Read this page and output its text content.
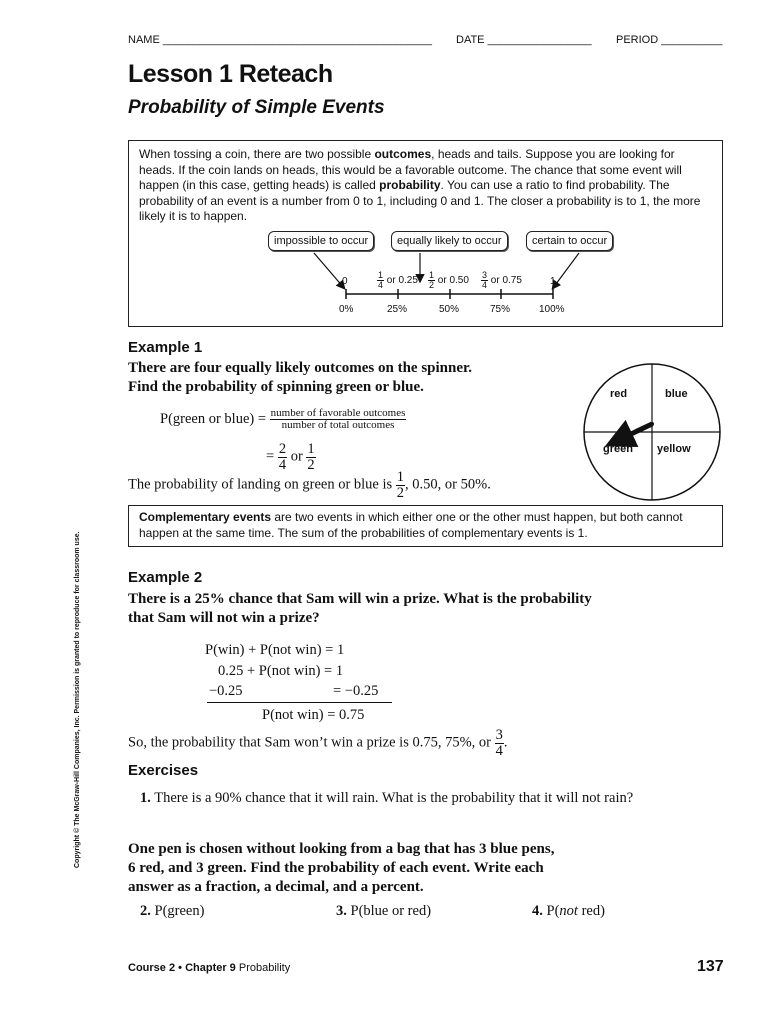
NAME ____________________________________________ DATE _________________ PERIOD __________
Lesson 1 Reteach
Probability of Simple Events
When tossing a coin, there are two possible outcomes, heads and tails. Suppose you are looking for heads. If the coin lands on heads, this would be a favorable outcome. The chance that some event will happen (in this case, getting heads) is called probability. You can use a ratio to find probability. The probability of an event is a number from 0 to 1, including 0 and 1. The closer a probability is to 1, the more likely it is to happen.
impossible to occur	equally likely to occur	certain to occur
0	$\frac{1}{4}$ or $0.25 \frac{1}{2}$ or $0.50 \frac{3}{4}$ or 0.75	1
0%	25%	50%	75%	100%
Example 1
There are four equally likely outcomes on the spinner.
Find the probability of spinning green or blue.
P(green or blue) = $\frac{\text{number of favorable outcomes}}{\text{number of total outcomes}}$
= $\frac{2}{4}$ or $\frac{1}{2}$
The probability of landing on green or blue is $\frac{1}{2}$ , 0.50, or 50%.
red	blue
green yellow
Complementary events are two events in which either one or the other must happen, but both cannot happen at the same time. The sum of the probabilities of complementary events is 1.
Example 2
There is a 25% chance that Sam will win a prize. What is the probability
that Sam will not win a prize?
P(win) + P(not win) = 1
0.25 + P(not win) = 1
−0.25	= −0.25
P(not win) = 0.75
So, the probability that Sam won’t win a prize is 0.75, 75%, or $\frac{3}{4}$ .
Exercises
1. There is a 90% chance that it will rain. What is the probability that it will not rain?
One pen is chosen without looking from a bag that has 3 blue pens,
6 red, and 3 green. Find the probability of each event. Write each
answer as a fraction, a decimal, and a percent.
2. P(green)	3. P(blue or red)	4. P(not red)
Copyright © The McGraw-Hill Companies, Inc. Permission is granted to reproduce for classroom use.
Course 2 • Chapter 9 Probability	137
